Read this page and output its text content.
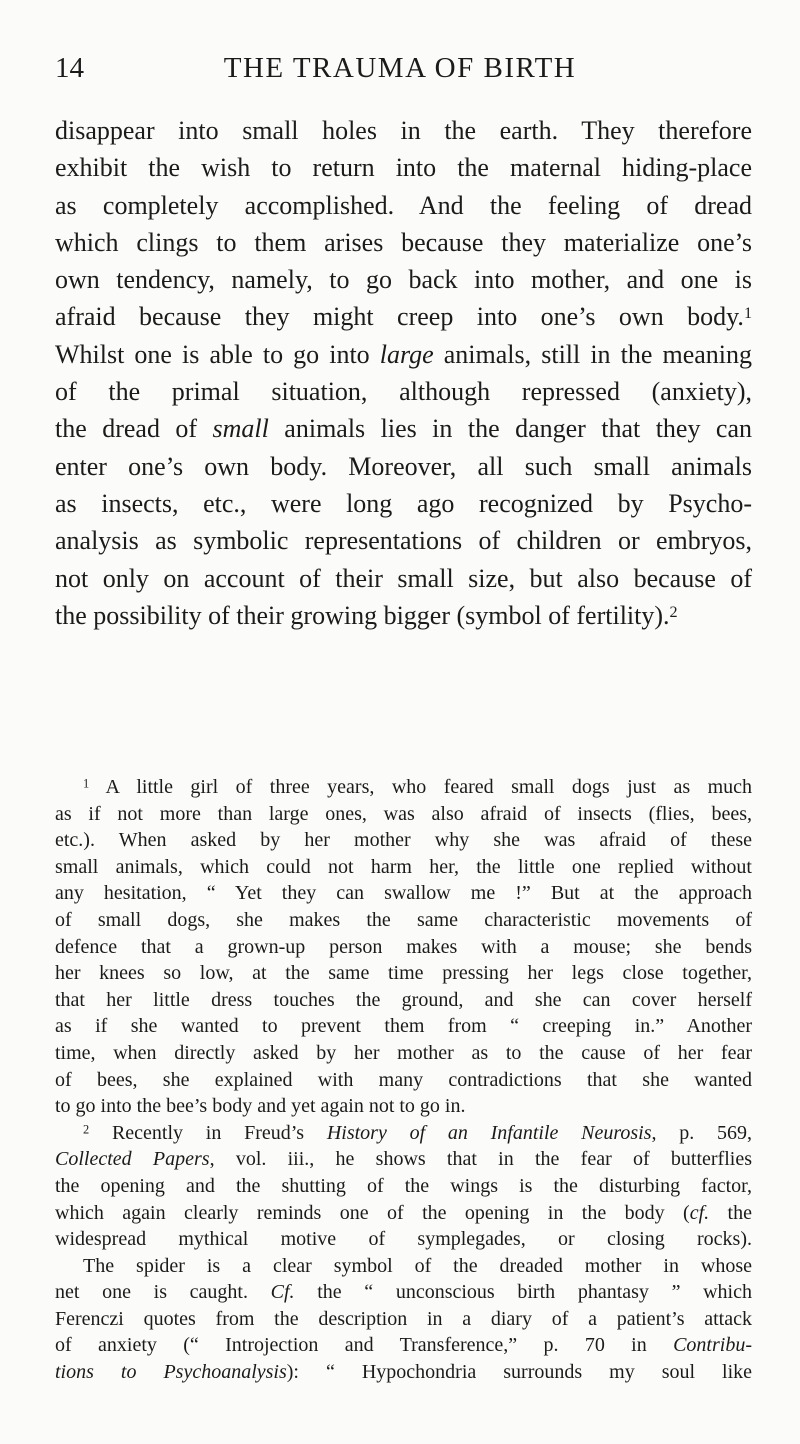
14	THE TRAUMA OF BIRTH
disappear into small holes in the earth. They therefore
exhibit the wish to return into the maternal hiding-place
as completely accomplished. And the feeling of dread
which clings to them arises because they materialize one’s
own tendency, namely, to go back into mother, and one is
afraid because they might creep into one’s own body.$^1$
Whilst one is able to go into large animals, still in the meaning
of the primal situation, although repressed (anxiety),
the dread of small animals lies in the danger that they can
enter one’s own body. Moreover, all such small animals
as insects, etc., were long ago recognized by Psycho-
analysis as symbolic representations of children or embryos,
not only on account of their small size, but also because of
the possibility of their growing bigger (symbol of fertility).$^2$
$^1$ A little girl of three years, who feared small dogs just as much
as if not more than large ones, was also afraid of insects (flies, bees,
etc.). When asked by her mother why she was afraid of these
small animals, which could not harm her, the little one replied without
any hesitation, “ Yet they can swallow me !” But at the approach
of small dogs, she makes the same characteristic movements of
defence that a grown-up person makes with a mouse; she bends
her knees so low, at the same time pressing her legs close together,
that her little dress touches the ground, and she can cover herself
as if she wanted to prevent them from “ creeping in.” Another
time, when directly asked by her mother as to the cause of her fear
of bees, she explained with many contradictions that she wanted
to go into the bee’s body and yet again not to go in.
$^2$ Recently in Freud’s History of an Infantile Neurosis, p. 569,
Collected Papers, vol. iii., he shows that in the fear of butterflies
the opening and the shutting of the wings is the disturbing factor,
which again clearly reminds one of the opening in the body (cf. the
widespread mythical motive of symplegades, or closing rocks).
The spider is a clear symbol of the dreaded mother in whose
net one is caught. Cf. the “ unconscious birth phantasy ” which
Ferenczi quotes from the description in a diary of a patient’s attack
of anxiety (“ Introjection and Transference,” p. 70 in Contribu-
tions to Psychoanalysis): “ Hypochondria surrounds my soul like
